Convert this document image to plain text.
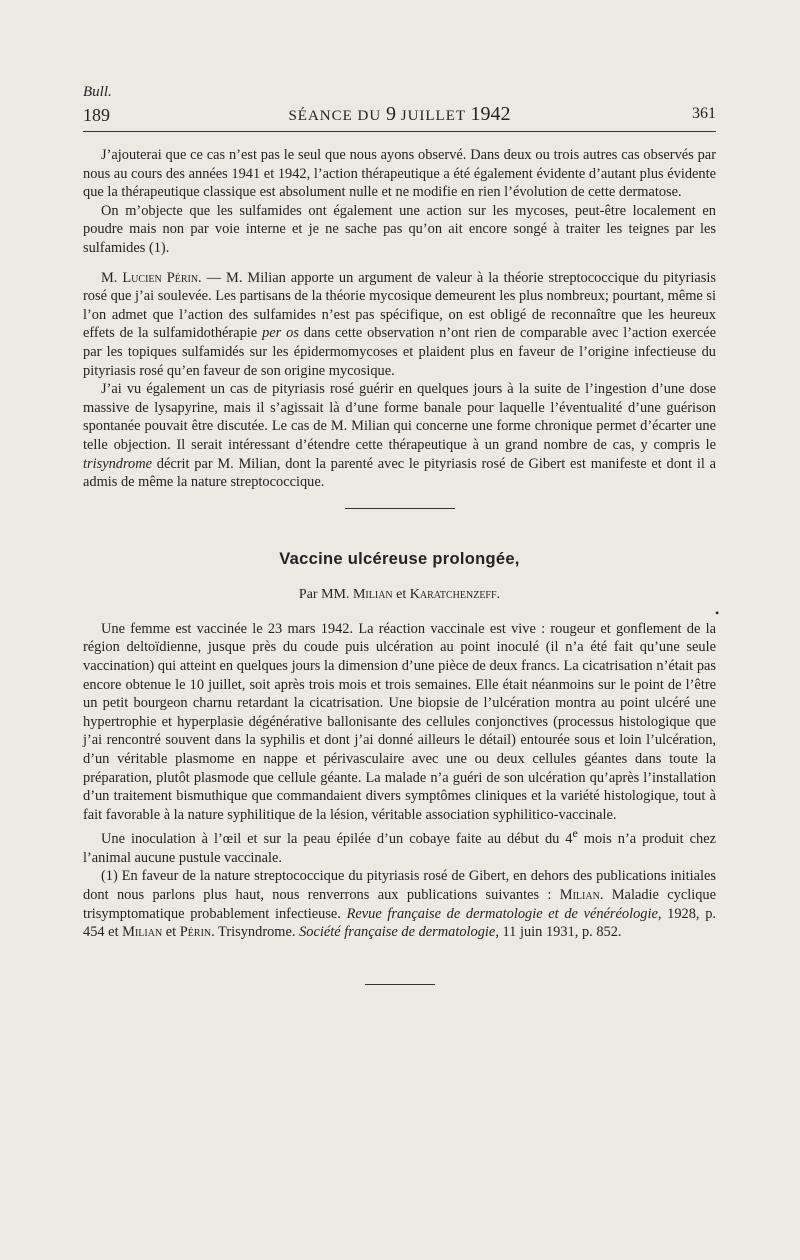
Bull.
189	SÉANCE DU 9 JUILLET 1942	361

J’ajouterai que ce cas n’est pas le seul que nous ayons observé. Dans deux ou trois autres cas observés par nous au cours des années 1941 et 1942, l’action thérapeutique a été également évidente d’autant plus évidente que la thérapeutique classique est absolument nulle et ne modifie en rien l’évolution de cette dermatose.

On m’objecte que les sulfamides ont également une action sur les mycoses, peut-être localement en poudre mais non par voie interne et je ne sache pas qu’on ait encore songé à traiter les teignes par les sulfamides (1).

M. Lucien Périn. — M. Milian apporte un argument de valeur à la théorie streptococcique du pityriasis rosé que j’ai soulevée. Les partisans de la théorie mycosique demeurent les plus nombreux; pourtant, même si l’on admet que l’action des sulfamides n’est pas spécifique, on est obligé de reconnaître que les heureux effets de la sulfamidothérapie per os dans cette observation n’ont rien de comparable avec l’action exercée par les topiques sulfamidés sur les épidermomycoses et plaident plus en faveur de l’origine infectieuse du pityriasis rosé qu’en faveur de son origine mycosique.

J’ai vu également un cas de pityriasis rosé guérir en quelques jours à la suite de l’ingestion d’une dose massive de lysapyrine, mais il s’agissait là d’une forme banale pour laquelle l’éventualité d’une guérison spontanée pouvait être discutée. Le cas de M. Milian qui concerne une forme chronique permet d’écarter une telle objection. Il serait intéressant d’étendre cette thérapeutique à un grand nombre de cas, y compris le trisyndrome décrit par M. Milian, dont la parenté avec le pityriasis rosé de Gibert est manifeste et dont il a admis de même la nature streptococcique.

Vaccine ulcéreuse prolongée,
Par MM. Milian et Karatchenzeff.

Une femme est vaccinée le 23 mars 1942. La réaction vaccinale est vive : rougeur et gonflement de la région deltoïdienne, jusque près du coude puis ulcération au point inoculé (il n’a été fait qu’une seule vaccination) qui atteint en quelques jours la dimension d’une pièce de deux francs. La cicatrisation n’était pas encore obtenue le 10 juillet, soit après trois mois et trois semaines. Elle était néanmoins sur le point de l’être un petit bourgeon charnu retardant la cicatrisation. Une biopsie de l’ulcération montra au point ulcéré une hypertrophie et hyperplasie dégénérative ballonisante des cellules conjonctives (processus histologique que j’ai rencontré souvent dans la syphilis et dont j’ai donné ailleurs le détail) entourée sous et loin l’ulcération, d’un véritable plasmome en nappe et périvasculaire avec une ou deux cellules géantes dans toute la préparation, plutôt plasmode que cellule géante. La malade n’a guéri de son ulcération qu’après l’installation d’un traitement bismuthique que commandaient divers symptômes cliniques et la variété histologique, tout à fait favorable à la nature syphilitique de la lésion, véritable association syphilitico-vaccinale.

Une inoculation à l’œil et sur la peau épilée d’un cobaye faite au début du 4e mois n’a produit chez l’animal aucune pustule vaccinale.

(1) En faveur de la nature streptococcique du pityriasis rosé de Gibert, en dehors des publications initiales dont nous parlons plus haut, nous renverrons aux publications suivantes : Milian. Maladie cyclique trisymptomatique probablement infectieuse. Revue française de dermatologie et de vénéréologie, 1928, p. 454 et Milian et Périn. Trisyndrome. Société française de dermatologie, 11 juin 1931, p. 852.

•
